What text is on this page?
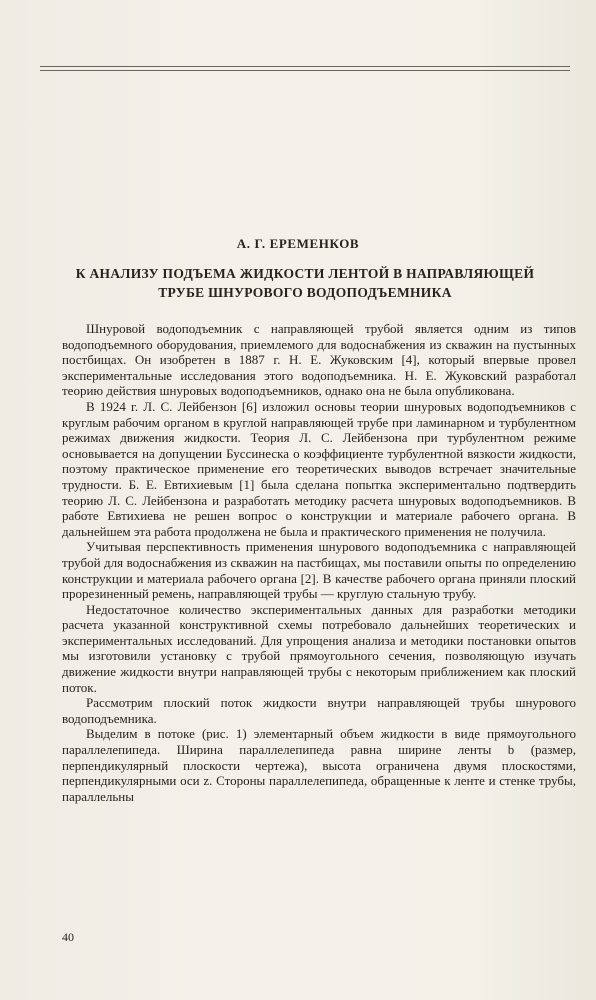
А. Г. ЕРЕМЕНКОВ
К АНАЛИЗУ ПОДЪЕМА ЖИДКОСТИ ЛЕНТОЙ В НАПРАВЛЯЮЩЕЙ
ТРУБЕ ШНУРОВОГО ВОДОПОДЪЕМНИКА

Шнуровой водоподъемник с направляющей трубой является одним из типов водоподъемного оборудования, приемлемого для водоснабжения из скважин на пустынных постбищах. Он изобретен в 1887 г. Н. Е. Жуковским [4], который впервые провел экспериментальные исследования этого водоподъемника. Н. Е. Жуковский разработал теорию действия шнуровых водоподъемников, однако она не была опубликована.

В 1924 г. Л. С. Лейбензон [6] изложил основы теории шнуровых водоподъемников с круглым рабочим органом в круглой направляющей трубе при ламинарном и турбулентном режимах движения жидкости. Теория Л. С. Лейбензона при турбулентном режиме основывается на допущении Буссинеска о коэффициенте турбулентной вязкости жидкости, поэтому практическое применение его теоретических выводов встречает значительные трудности. Б. Е. Евтихиевым [1] была сделана попытка экспериментально подтвердить теорию Л. С. Лейбензона и разработать методику расчета шнуровых водоподъемников. В работе Евтихиева не решен вопрос о конструкции и материале рабочего органа. В дальнейшем эта работа продолжена не была и практического применения не получила.

Учитывая перспективность применения шнурового водоподъемника с направляющей трубой для водоснабжения из скважин на пастбищах, мы поставили опыты по определению конструкции и материала рабочего органа [2]. В качестве рабочего органа приняли плоский прорезиненный ремень, направляющей трубы — круглую стальную трубу.

Недостаточное количество экспериментальных данных для разработки методики расчета указанной конструктивной схемы потребовало дальнейших теоретических и экспериментальных исследований. Для упрощения анализа и методики постановки опытов мы изготовили установку с трубой прямоугольного сечения, позволяющую изучать движение жидкости внутри направляющей трубы с некоторым приближением как плоский поток.

Рассмотрим плоский поток жидкости внутри направляющей трубы шнурового водоподъемника.

Выделим в потоке (рис. 1) элементарный объем жидкости в виде прямоугольного параллелепипеда. Ширина параллелепипеда равна ширине ленты b (размер, перпендикулярный плоскости чертежа), высота ограничена двумя плоскостями, перпендикулярными оси z. Стороны параллелепипеда, обращенные к ленте и стенке трубы, параллельны

40
